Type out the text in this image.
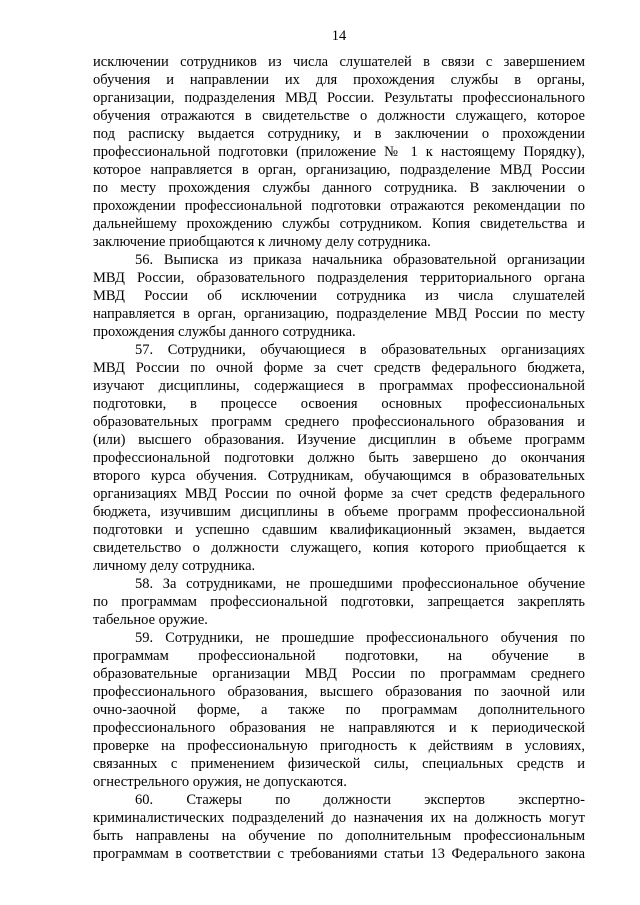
14
исключении сотрудников из числа слушателей в связи с завершением
обучения и направлении их для прохождения службы в органы,
организации, подразделения МВД России. Результаты профессионального
обучения отражаются в свидетельстве о должности служащего, которое
под расписку выдается сотруднику, и в заключении о прохождении
профессиональной подготовки (приложение № 1 к настоящему Порядку),
которое направляется в орган, организацию, подразделение МВД России
по месту прохождения службы данного сотрудника. В заключении о
прохождении профессиональной подготовки отражаются рекомендации по
дальнейшему прохождению службы сотрудником. Копия свидетельства и
заключение приобщаются к личному делу сотрудника.
56. Выписка из приказа начальника образовательной организации
МВД России, образовательного подразделения территориального органа
МВД России об исключении сотрудника из числа слушателей
направляется в орган, организацию, подразделение МВД России по месту
прохождения службы данного сотрудника.
57. Сотрудники, обучающиеся в образовательных организациях
МВД России по очной форме за счет средств федерального бюджета,
изучают дисциплины, содержащиеся в программах профессиональной
подготовки, в процессе освоения основных профессиональных
образовательных программ среднего профессионального образования и
(или) высшего образования. Изучение дисциплин в объеме программ
профессиональной подготовки должно быть завершено до окончания
второго курса обучения. Сотрудникам, обучающимся в образовательных
организациях МВД России по очной форме за счет средств федерального
бюджета, изучившим дисциплины в объеме программ профессиональной
подготовки и успешно сдавшим квалификационный экзамен, выдается
свидетельство о должности служащего, копия которого приобщается к
личному делу сотрудника.
58. За сотрудниками, не прошедшими профессиональное обучение
по программам профессиональной подготовки, запрещается закреплять
табельное оружие.
59. Сотрудники, не прошедшие профессионального обучения по
программам профессиональной подготовки, на обучение в
образовательные организации МВД России по программам среднего
профессионального образования, высшего образования по заочной или
очно-заочной форме, а также по программам дополнительного
профессионального образования не направляются и к периодической
проверке на профессиональную пригодность к действиям в условиях,
связанных с применением физической силы, специальных средств и
огнестрельного оружия, не допускаются.
60. Стажеры по должности экспертов экспертно-
криминалистических подразделений до назначения их на должность могут
быть направлены на обучение по дополнительным профессиональным
программам в соответствии с требованиями статьи 13 Федерального закона
